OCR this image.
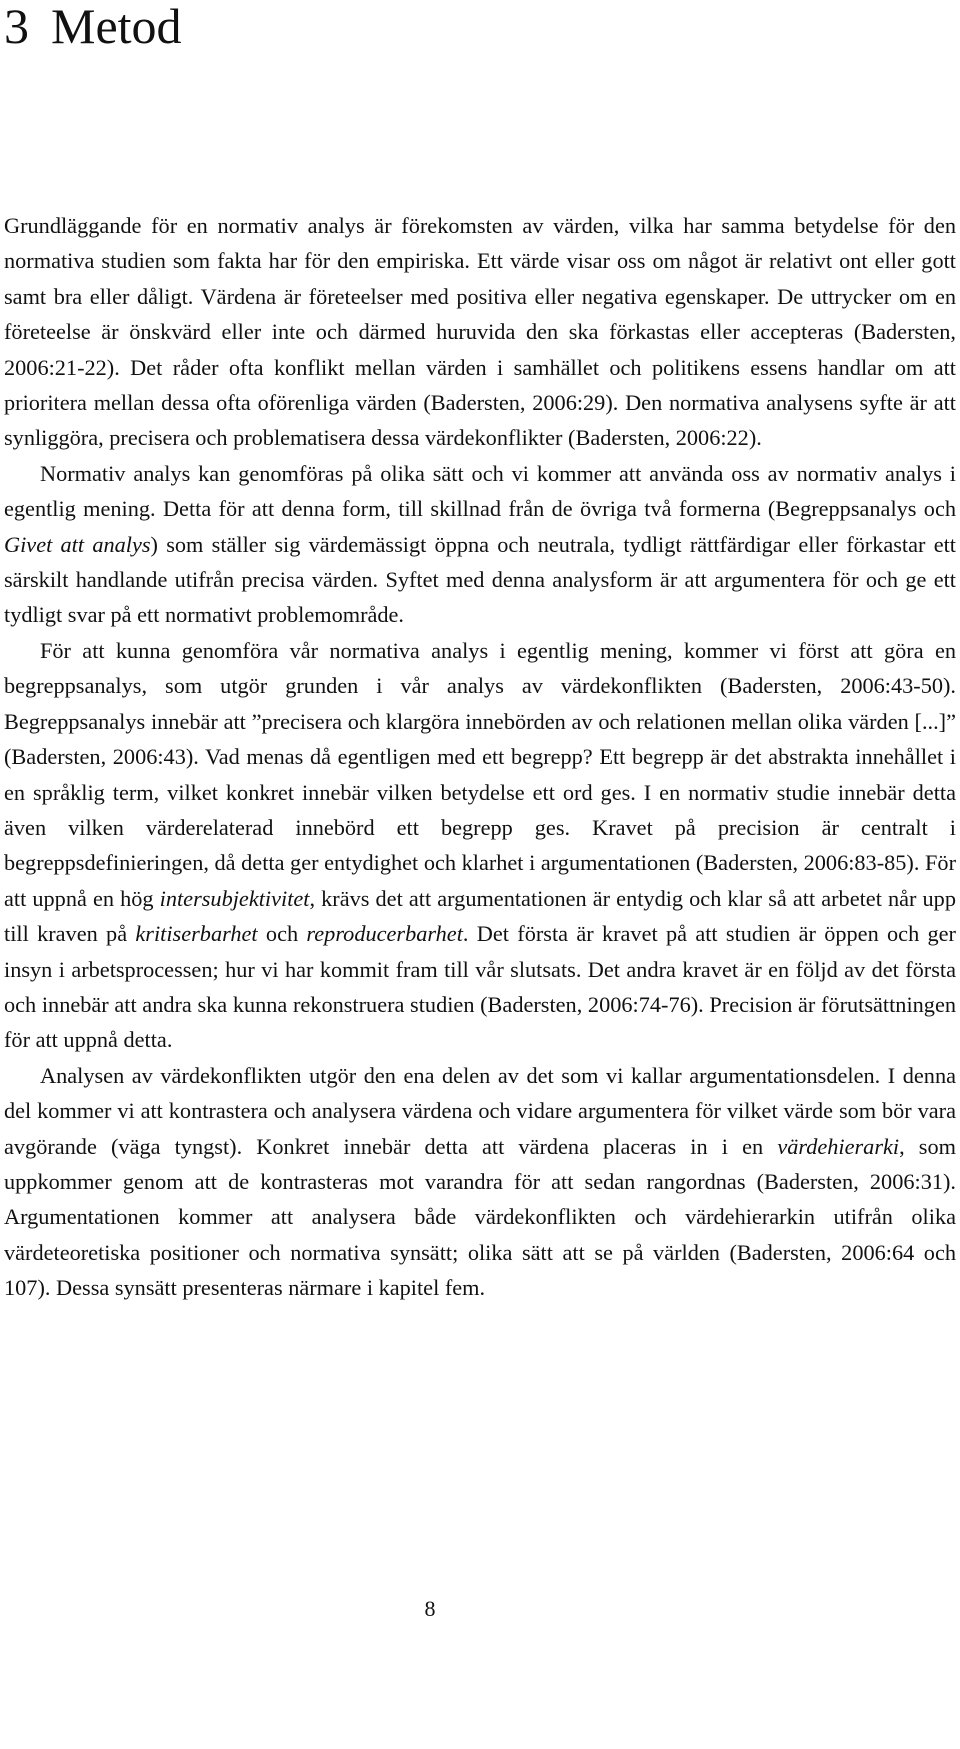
3 Metod

Grundläggande för en normativ analys är förekomsten av värden, vilka har samma betydelse för den normativa studien som fakta har för den empiriska. Ett värde visar oss om något är relativt ont eller gott samt bra eller dåligt. Värdena är företeelser med positiva eller negativa egenskaper. De uttrycker om en företeelse är önskvärd eller inte och därmed huruvida den ska förkastas eller accepteras (Badersten, 2006:21-22). Det råder ofta konflikt mellan värden i samhället och politikens essens handlar om att prioritera mellan dessa ofta oförenliga värden (Badersten, 2006:29). Den normativa analysens syfte är att synliggöra, precisera och problematisera dessa värdekonflikter (Badersten, 2006:22).

Normativ analys kan genomföras på olika sätt och vi kommer att använda oss av normativ analys i egentlig mening. Detta för att denna form, till skillnad från de övriga två formerna (Begreppsanalys och Givet att analys) som ställer sig värdemässigt öppna och neutrala, tydligt rättfärdigar eller förkastar ett särskilt handlande utifrån precisa värden. Syftet med denna analysform är att argumentera för och ge ett tydligt svar på ett normativt problemområde.

För att kunna genomföra vår normativa analys i egentlig mening, kommer vi först att göra en begreppsanalys, som utgör grunden i vår analys av värdekonflikten (Badersten, 2006:43-50). Begreppsanalys innebär att ”precisera och klargöra innebörden av och relationen mellan olika värden [...]” (Badersten, 2006:43). Vad menas då egentligen med ett begrepp? Ett begrepp är det abstrakta innehållet i en språklig term, vilket konkret innebär vilken betydelse ett ord ges. I en normativ studie innebär detta även vilken värderelaterad innebörd ett begrepp ges. Kravet på precision är centralt i begreppsdefinieringen, då detta ger entydighet och klarhet i argumentationen (Badersten, 2006:83-85). För att uppnå en hög intersubjektivitet, krävs det att argumentationen är entydig och klar så att arbetet når upp till kraven på kritiserbarhet och reproducerbarhet. Det första är kravet på att studien är öppen och ger insyn i arbetsprocessen; hur vi har kommit fram till vår slutsats. Det andra kravet är en följd av det första och innebär att andra ska kunna rekonstruera studien (Badersten, 2006:74-76). Precision är förutsättningen för att uppnå detta.

Analysen av värdekonflikten utgör den ena delen av det som vi kallar argumentationsdelen. I denna del kommer vi att kontrastera och analysera värdena och vidare argumentera för vilket värde som bör vara avgörande (väga tyngst). Konkret innebär detta att värdena placeras in i en värdehierarki, som uppkommer genom att de kontrasteras mot varandra för att sedan rangordnas (Badersten, 2006:31). Argumentationen kommer att analysera både värdekonflikten och värdehierarkin utifrån olika värdeteoretiska positioner och normativa synsätt; olika sätt att se på världen (Badersten, 2006:64 och 107). Dessa synsätt presenteras närmare i kapitel fem.

8
